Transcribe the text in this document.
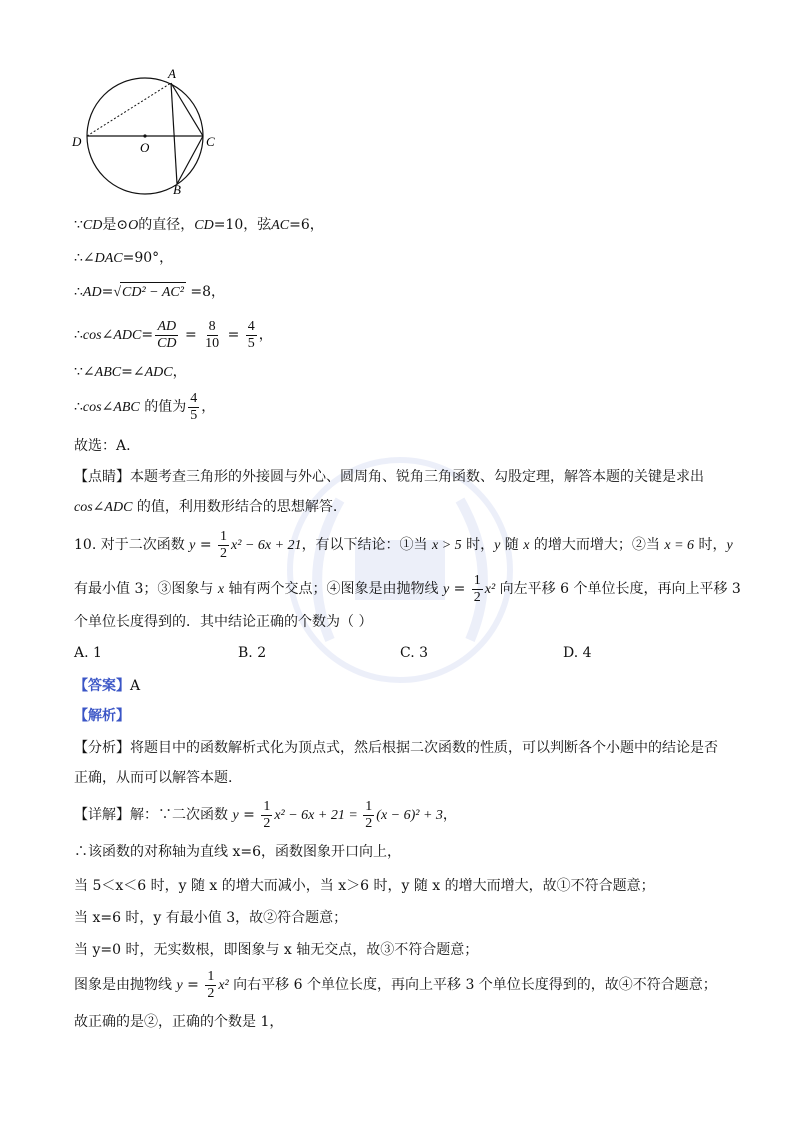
A
D	O	C
B
∵CD是⊙O的直径，CD=10，弦AC=6，
∴∠DAC=90°，
∴AD=√CD² − AC² =8，
∴cos∠ADC= $\frac{AD}{CD} = \frac{8}{10} = \frac{4}{5}$ ，
∵∠ABC=∠ADC，
∴cos∠ABC 的值为 $\frac{4}{5}$ ，
故选：A.
【点睛】本题考查三角形的外接圆与外心、圆周角、锐角三角函数、勾股定理，解答本题的关键是求出
cos∠ADC 的值，利用数形结合的思想解答.
10. 对于二次函数 $y = \frac{1}{2} x^2 - 6x + 21$，有以下结论：①当 x > 5 时，y 随 x 的增大而增大；②当 x = 6 时，y
有最小值 3；③图象与 x 轴有两个交点；④图象是由抛物线 $y = \frac{1}{2} x^2$ 向左平移 6 个单位长度，再向上平移 3
个单位长度得到的．其中结论正确的个数为（ ）
A. 1	B. 2	C. 3	D. 4
【答案】A
【解析】
【分析】将题目中的函数解析式化为顶点式，然后根据二次函数的性质，可以判断各个小题中的结论是否
正确，从而可以解答本题.
【详解】解：∵二次函数 $y = \frac{1}{2} x^2 - 6x + 21 = \frac{1}{2} (x - 6)^2 + 3$，
∴该函数的对称轴为直线 x=6，函数图象开口向上，
当 5＜x＜6 时，y 随 x 的增大而减小，当 x＞6 时，y 随 x 的增大而增大，故①不符合题意；
当 x=6 时，y 有最小值 3，故②符合题意；
当 y=0 时，无实数根，即图象与 x 轴无交点，故③不符合题意；
图象是由抛物线 $y = \frac{1}{2} x^2$ 向右平移 6 个单位长度，再向上平移 3 个单位长度得到的，故④不符合题意；
故正确的是②，正确的个数是 1，
